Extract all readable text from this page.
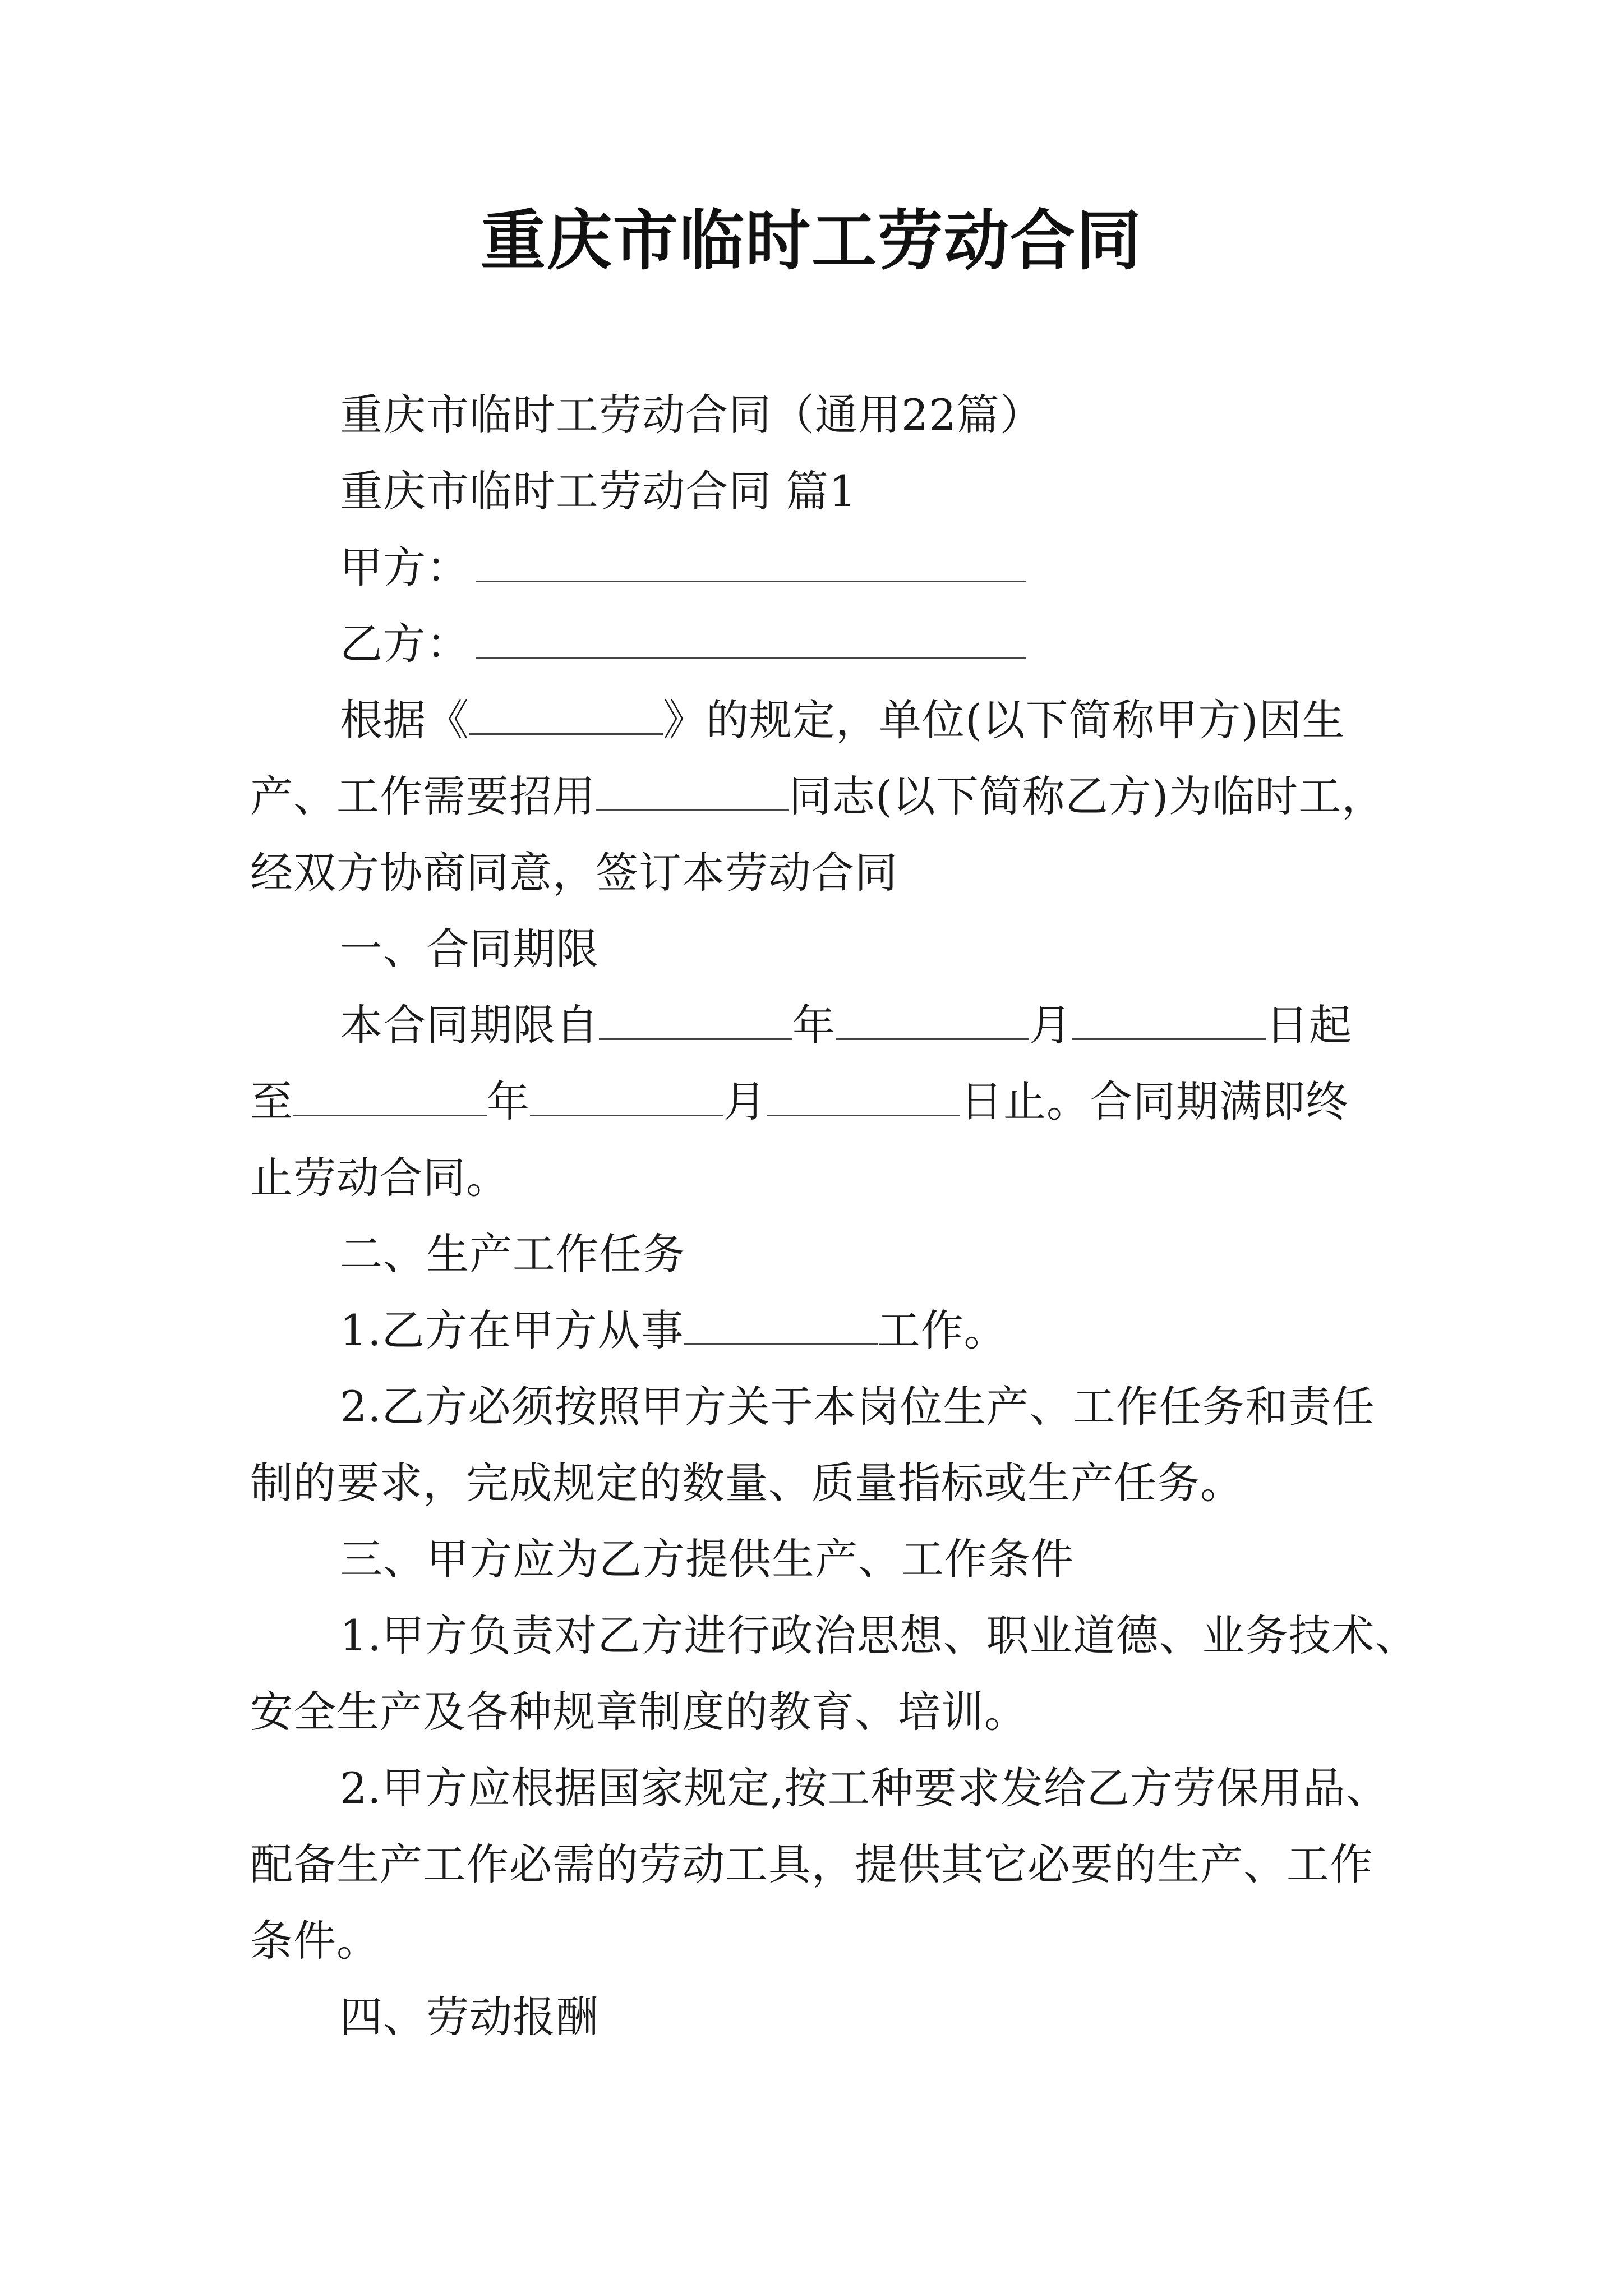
重庆市临时工劳动合同
重庆市临时工劳动合同（通用22篇）
重庆市临时工劳动合同 篇1
甲方：
乙方：
根据《	》的规定，单位(以下简称甲方)因生
产、工作需要招用	同志(以下简称乙方)为临时工，
经双方协商同意，签订本劳动合同
一、合同期限
本合同期限自	年	月	日起
至	年	月	日止。合同期满即终
止劳动合同。
二、生产工作任务
1.乙方在甲方从事	工作。
2.乙方必须按照甲方关于本岗位生产、工作任务和责任
制的要求，完成规定的数量、质量指标或生产任务。
三、甲方应为乙方提供生产、工作条件
1.甲方负责对乙方进行政治思想、职业道德、业务技术、
安全生产及各种规章制度的教育、培训。
2.甲方应根据国家规定,按工种要求发给乙方劳保用品、
配备生产工作必需的劳动工具，提供其它必要的生产、工作
条件。
四、劳动报酬
